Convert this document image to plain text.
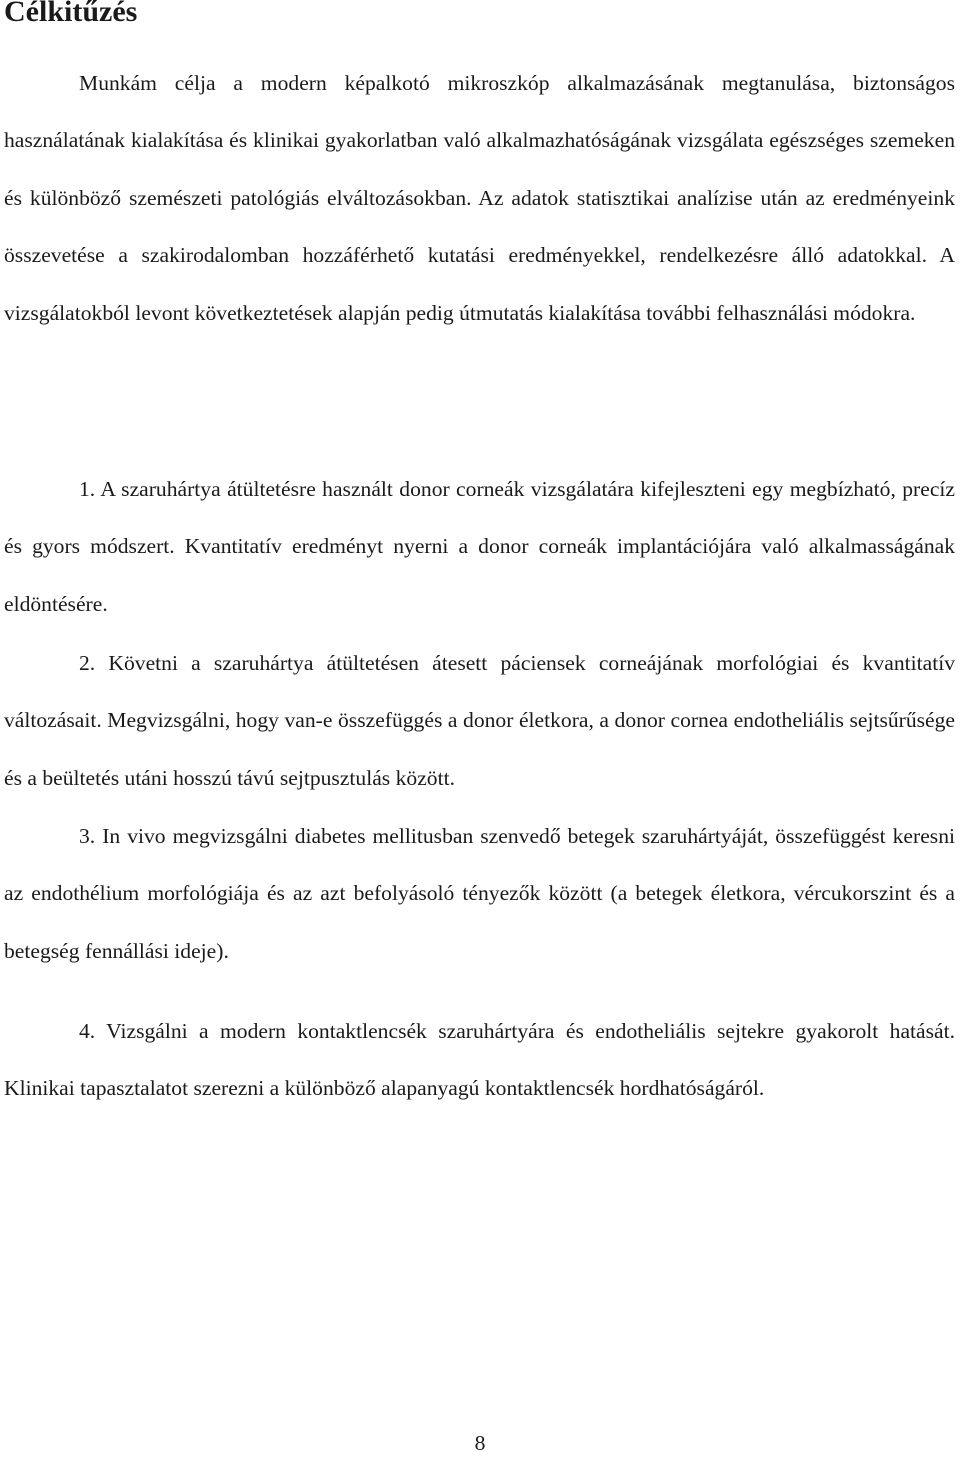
Célkitűzés

Munkám célja a modern képalkotó mikroszkóp alkalmazásának megtanulása, biztonságos használatának kialakítása és klinikai gyakorlatban való alkalmazhatóságának vizsgálata egészséges szemeken és különböző szemészeti patológiás elváltozásokban. Az adatok statisztikai analízise után az eredményeink összevetése a szakirodalomban hozzáférhető kutatási eredményekkel, rendelkezésre álló adatokkal. A vizsgálatokból levont következtetések alapján pedig útmutatás kialakítása további felhasználási módokra.

1. A szaruhártya átültetésre használt donor corneák vizsgálatára kifejleszteni egy megbízható, precíz és gyors módszert. Kvantitatív eredményt nyerni a donor corneák implantációjára való alkalmasságának eldöntésére.

2. Követni a szaruhártya átültetésen átesett páciensek corneájának morfológiai és kvantitatív változásait. Megvizsgálni, hogy van-e összefüggés a donor életkora, a donor cornea endotheliális sejtsűrűsége és a beültetés utáni hosszú távú sejtpusztulás között.

3. In vivo megvizsgálni diabetes mellitusban szenvedő betegek szaruhártyáját, összefüggést keresni az endothélium morfológiája és az azt befolyásoló tényezők között (a betegek életkora, vércukorszint és a betegség fennállási ideje).

4. Vizsgálni a modern kontaktlencsék szaruhártyára és endotheliális sejtekre gyakorolt hatását. Klinikai tapasztalatot szerezni a különböző alapanyagú kontaktlencsék hordhatóságáról.

8
